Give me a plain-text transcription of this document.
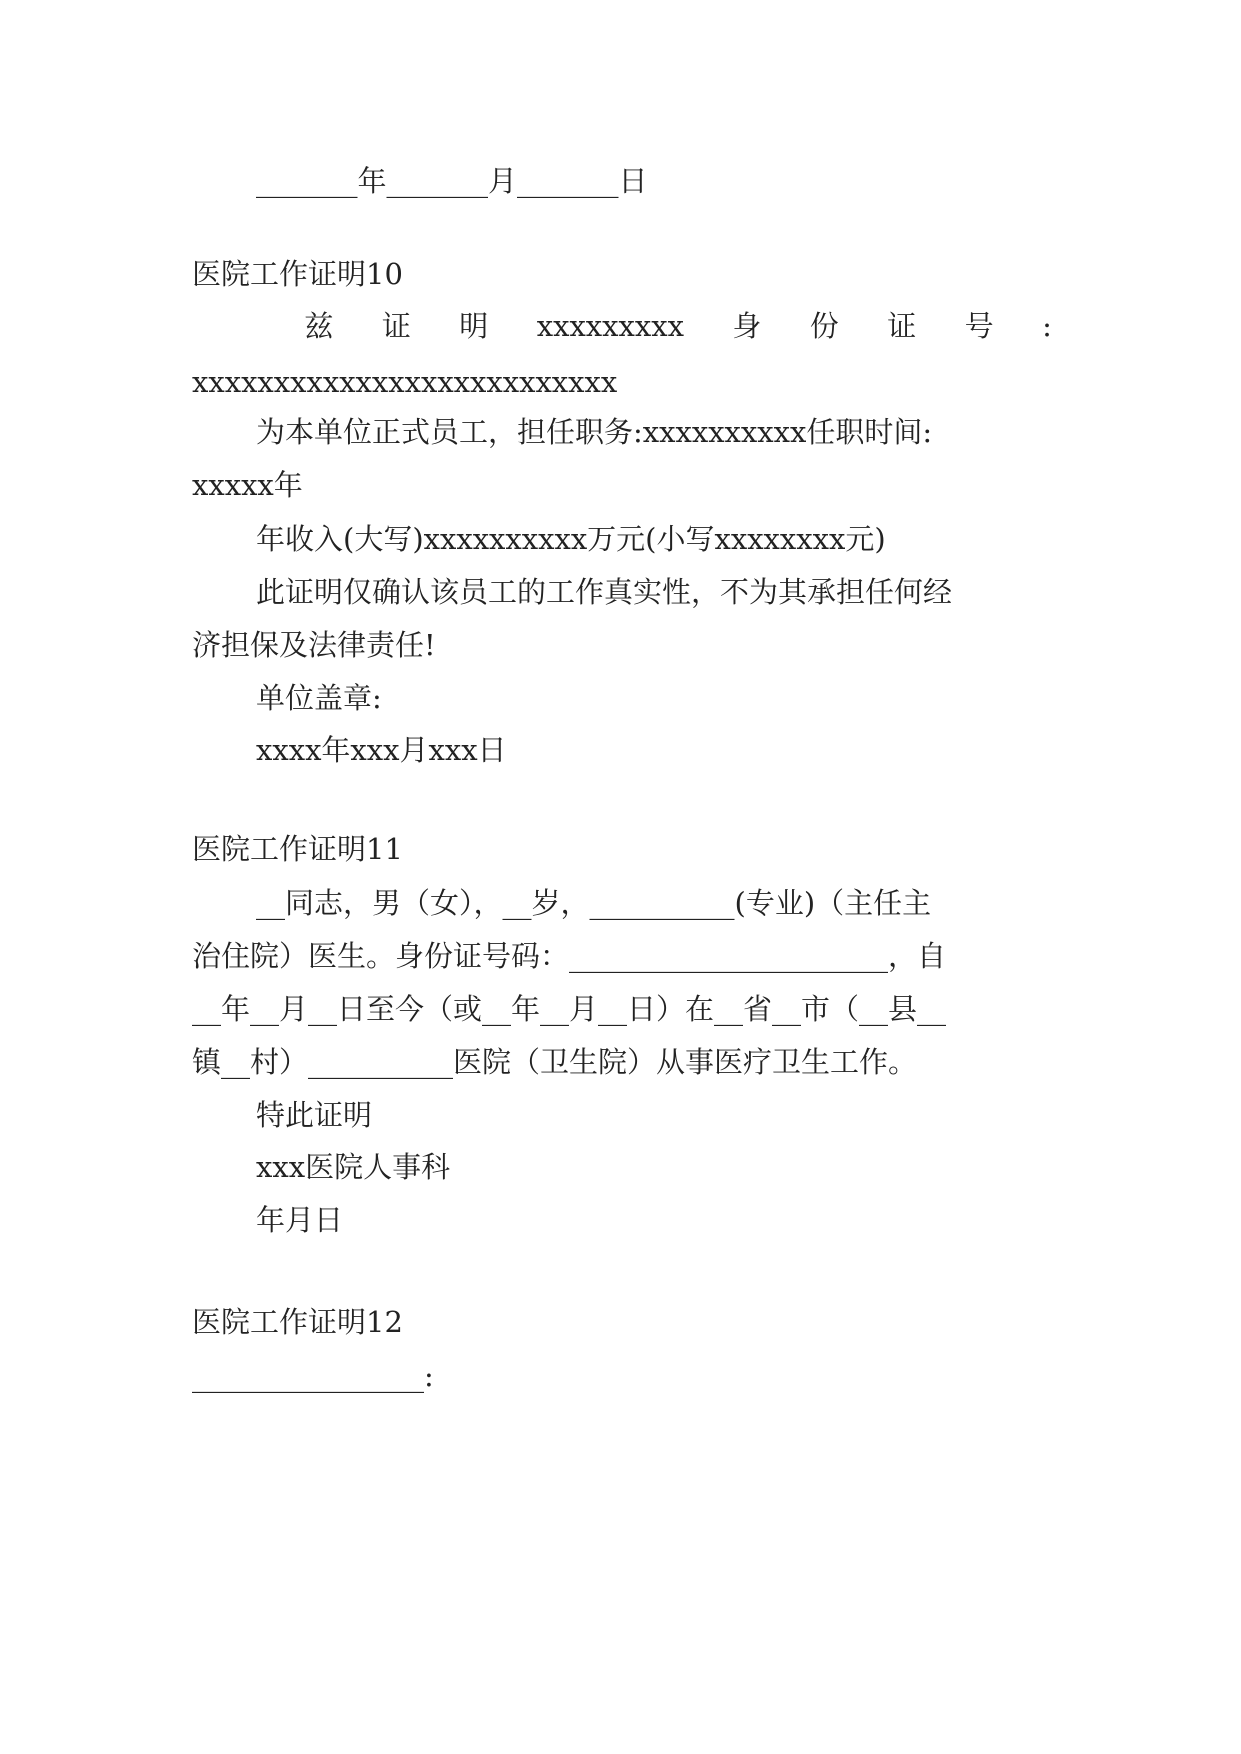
_______年_______月_______日

医院工作证明10

兹 证 明 xxxxxxxxx 身 份 证 号 :

xxxxxxxxxxxxxxxxxxxxxxxxxx

为本单位正式员工，担任职务:xxxxxxxxxx任职时间:

xxxxx年

年收入(大写)xxxxxxxxxx万元(小写xxxxxxxx元)

此证明仅确认该员工的工作真实性，不为其承担任何经

济担保及法律责任!

单位盖章:

xxxx年xxx月xxx日

医院工作证明11

__同志，男（女），__岁，__________(专业)（主任主

治住院）医生。身份证号码：______________________，自

__年__月__日至今（或__年__月__日）在__省__市（__县__

镇__村）__________医院（卫生院）从事医疗卫生工作。

特此证明

xxx医院人事科

年月日

医院工作证明12

________________:
